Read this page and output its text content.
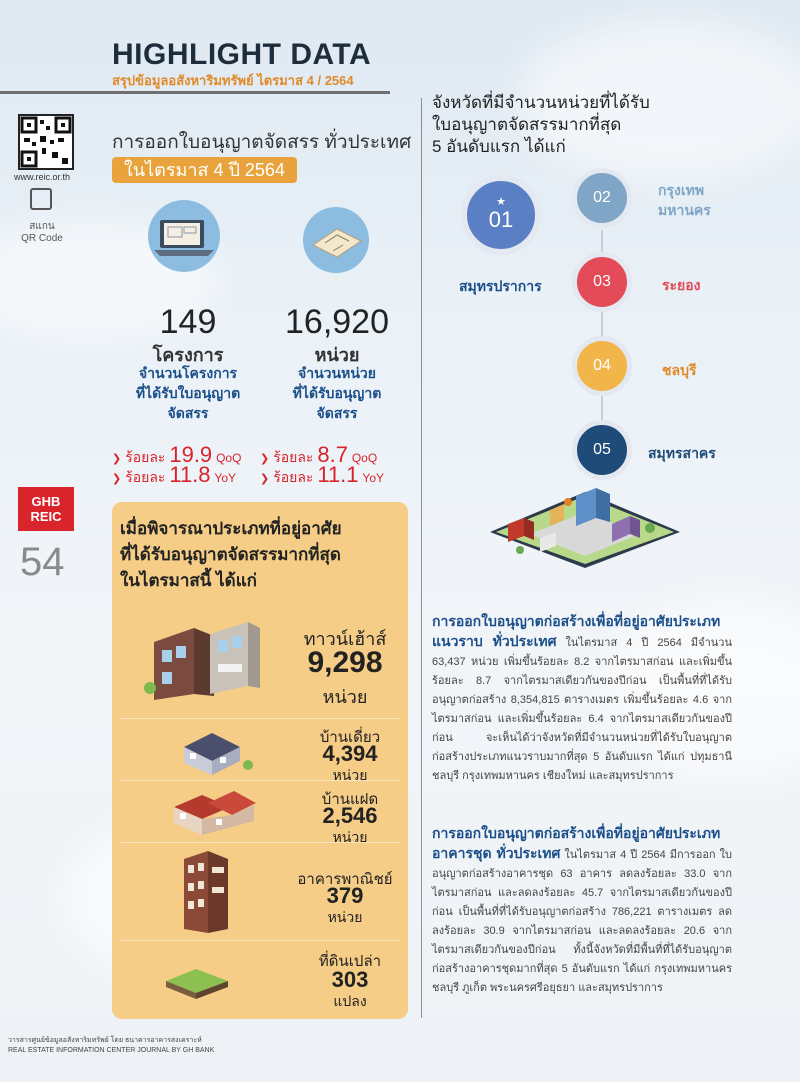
HIGHLIGHT DATA
สรุปข้อมูลอสังหาริมทรัพย์ ไตรมาส 4 / 2564
www.reic.or.th
สแกน
QR Code
GHB
REIC
54
การออกใบอนุญาตจัดสรร ทั่วประเทศ
ในไตรมาส 4 ปี 2564
149
โครงการ
จำนวนโครงการ
ที่ได้รับใบอนุญาต
จัดสรร
16,920
หน่วย
จำนวนหน่วย
ที่ได้รับอนุญาต
จัดสรร
❯ ร้อยละ 19.9 QoQ
❯ ร้อยละ 11.8 YoY
❯ ร้อยละ 8.7 QoQ
❯ ร้อยละ 11.1 YoY
เมื่อพิจารณาประเภทที่อยู่อาศัย
ที่ได้รับอนุญาตจัดสรรมากที่สุด
ในไตรมาสนี้ ได้แก่
ทาวน์เฮ้าส์
9,298
หน่วย
บ้านเดี่ยว
4,394
หน่วย
บ้านแฝด
2,546
หน่วย
อาคารพาณิชย์
379
หน่วย
ที่ดินเปล่า
303
แปลง
จังหวัดที่มีจำนวนหน่วยที่ได้รับ
ใบอนุญาตจัดสรรมากที่สุด
5 อันดับแรก ได้แก่
★
01
สมุทรปราการ
02	กรุงเทพ
มหานคร
03	ระยอง
04	ชลบุรี
05	สมุทรสาคร
การออกใบอนุญาตก่อสร้างเพื่อที่อยู่อาศัยประเภท
แนวราบ ทั่วประเทศ ในไตรมาส 4 ปี 2564 มีจำนวน 63,437 หน่วย เพิ่มขึ้นร้อยละ 8.2 จากไตรมาสก่อน และเพิ่มขึ้นร้อยละ 8.7 จากไตรมาสเดียวกันของปีก่อน เป็นพื้นที่ที่ได้รับอนุญาตก่อสร้าง 8,354,815 ตารางเมตร เพิ่มขึ้นร้อยละ 4.6 จากไตรมาสก่อน และเพิ่มขึ้นร้อยละ 6.4 จากไตรมาสเดียวกันของปีก่อน จะเห็นได้ว่าจังหวัดที่มีจำนวนหน่วยที่ได้รับใบอนุญาตก่อสร้างประเภทแนวราบมากที่สุด 5 อันดับแรก ได้แก่ ปทุมธานี ชลบุรี กรุงเทพมหานคร เชียงใหม่ และสมุทรปราการ
การออกใบอนุญาตก่อสร้างเพื่อที่อยู่อาศัยประเภท
อาคารชุด ทั่วประเทศ ในไตรมาส 4 ปี 2564 มีการออก ใบอนุญาตก่อสร้างอาคารชุด 63 อาคาร ลดลงร้อยละ 33.0 จากไตรมาสก่อน และลดลงร้อยละ 45.7 จากไตรมาสเดียวกันของปีก่อน เป็นพื้นที่ที่ได้รับอนุญาตก่อสร้าง 786,221 ตารางเมตร ลดลงร้อยละ 30.9 จากไตรมาสก่อน และลดลงร้อยละ 20.6 จากไตรมาสเดียวกันของปีก่อน ทั้งนี้จังหวัดที่มีพื้นที่ที่ได้รับอนุญาตก่อสร้างอาคารชุดมากที่สุด 5 อันดับแรก ได้แก่ กรุงเทพมหานคร ชลบุรี ภูเก็ต พระนครศรีอยุธยา และสมุทรปราการ
วารสารศูนย์ข้อมูลอสังหาริมทรัพย์ โดย ธนาคารอาคารสงเคราะห์
REAL ESTATE INFORMATION CENTER JOURNAL BY GH BANK
